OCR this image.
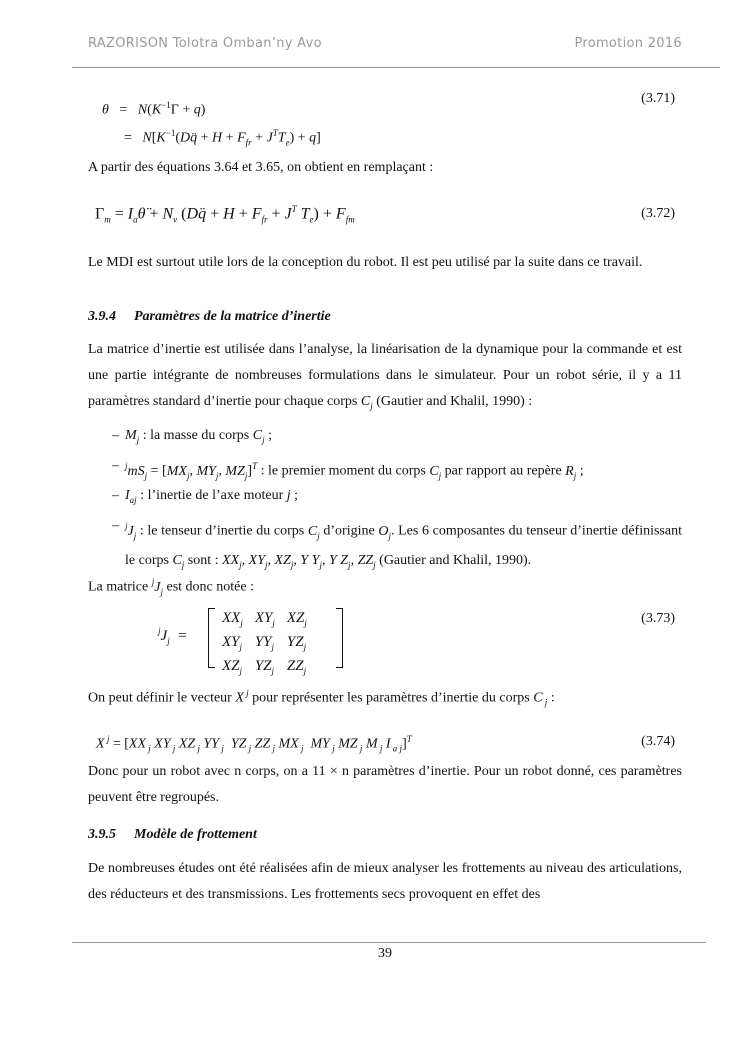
RAZORISON Tolotra Omban’ny Avo	Promotion 2016
$\theta = N(K^{-1}\Gamma + q)$
=   $N[K^{-1}(Dq̈ + H + F_{fr} + J^TT_e) + q]$
(3.71)

A partir des équations 3.64 et 3.65, on obtient en remplaçant :

$\Gamma_m$ = $I_a\thetä + N_v$ (Dq̈ + $H + F_{fr} + J^T$ $T_e) + F_{fm}$	(3.72)

Le MDI est surtout utile lors de la conception du robot. Il est peu utilisé par la suite dans ce travail.

3.9.4 Paramètres de la matrice d’inertie

La matrice d’inertie est utilisée dans l’analyse, la linéarisation de la dynamique pour la commande et est une partie intégrante de nombreuses formulations dans le simulateur. Pour un robot série, il y a 11 paramètres standard d’inertie pour chaque corps $C_j$ (Gautier and Khalil, 1990) :

– $M_j$ : la masse du corps $C_j$ ;
– $^jmS_j = [MX_j$, $MY_j$, $MZ_j]^T$ : le premier moment du corps $C_j$ par rapport au repère $R_j$ ;
– $I_{aj}$ : l’inertie de l’axe moteur j ;
– $^jJ_j$ : le tenseur d’inertie du corps $C_j$ d’origine $O_j$. Les 6 composantes du tenseur d’inertie définissant le corps $C_j$ sont : $XX_j$, $XY_j$, $XZ_j$, Y $Y_j$, Y $Z_j$, $ZZ_j$ (Gautier and Khalil, 1990).

La matrice $^jJ_j$ est donc notée :

$^jJ_j$  =
$XX_j$	$XY_j$	$XZ_j$
$XY_j$	$YY_j$	$YZ_j$
$XZ_j$	$YZ_j$	$ZZ_j$
(3.73)

On peut définir le vecteur X $^j$ pour représenter les paramètres d’inertie du corps C $_j$ :

X $^j$ = [XX $_j$ XY $_j$ XZ $_j$ YY $_j$ YZ $_j$ ZZ $_j$ MX $_j$ MY $_j$ MZ $_j$ M $_j$ I $_{a j}$]$^T$	(3.74)

Donc pour un robot avec n corps, on a 11 × n paramètres d’inertie. Pour un robot donné, ces paramètres peuvent être regroupés.

3.9.5 Modèle de frottement

De nombreuses études ont été réalisées afin de mieux analyser les frottements au niveau des articulations, des réducteurs et des transmissions. Les frottements secs provoquent en effet des

39
